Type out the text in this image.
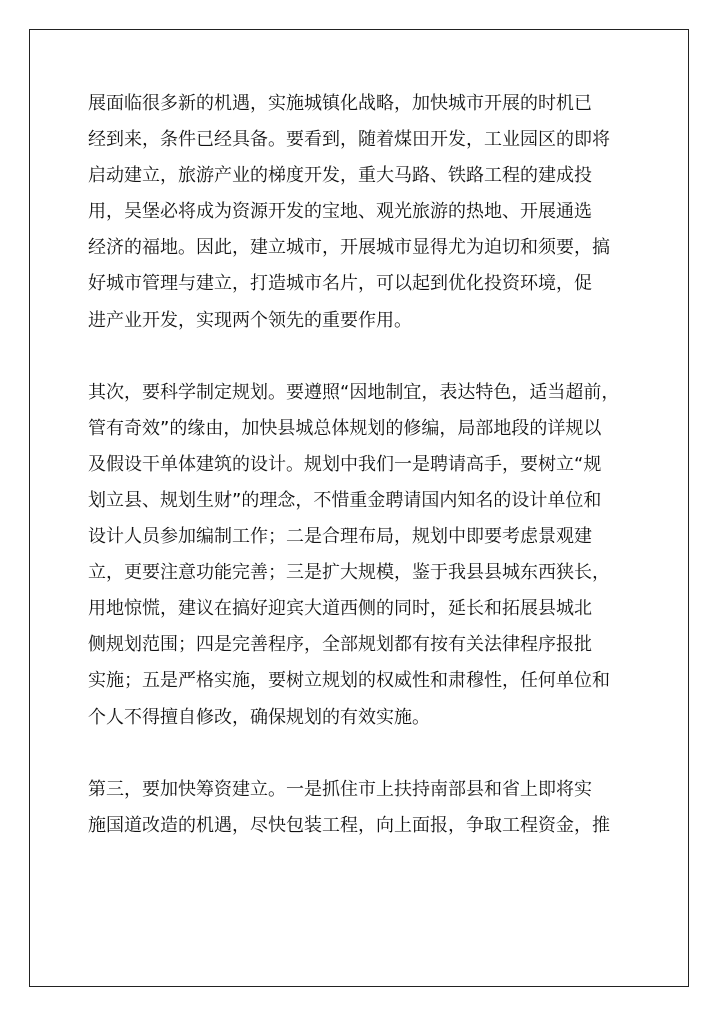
展面临很多新的机遇，实施城镇化战略，加快城市开展的时机已
经到来，条件已经具备。要看到，随着煤田开发，工业园区的即将
启动建立，旅游产业的梯度开发，重大马路、铁路工程的建成投
用，吴堡必将成为资源开发的宝地、观光旅游的热地、开展通选
经济的福地。因此，建立城市，开展城市显得尤为迫切和须要，搞
好城市管理与建立，打造城市名片，可以起到优化投资环境，促
进产业开发，实现两个领先的重要作用。
其次，要科学制定规划。要遵照“因地制宜，表达特色，适当超前，
管有奇效”的缘由，加快县城总体规划的修编，局部地段的详规以
及假设干单体建筑的设计。规划中我们一是聘请高手，要树立“规
划立县、规划生财”的理念，不惜重金聘请国内知名的设计单位和
设计人员参加编制工作；二是合理布局，规划中即要考虑景观建
立，更要注意功能完善；三是扩大规模，鉴于我县县城东西狭长，
用地惊慌，建议在搞好迎宾大道西侧的同时，延长和拓展县城北
侧规划范围；四是完善程序，全部规划都有按有关法律程序报批
实施；五是严格实施，要树立规划的权威性和肃穆性，任何单位和
个人不得擅自修改，确保规划的有效实施。
第三，要加快筹资建立。一是抓住市上扶持南部县和省上即将实
施国道改造的机遇，尽快包装工程，向上面报，争取工程资金，推
